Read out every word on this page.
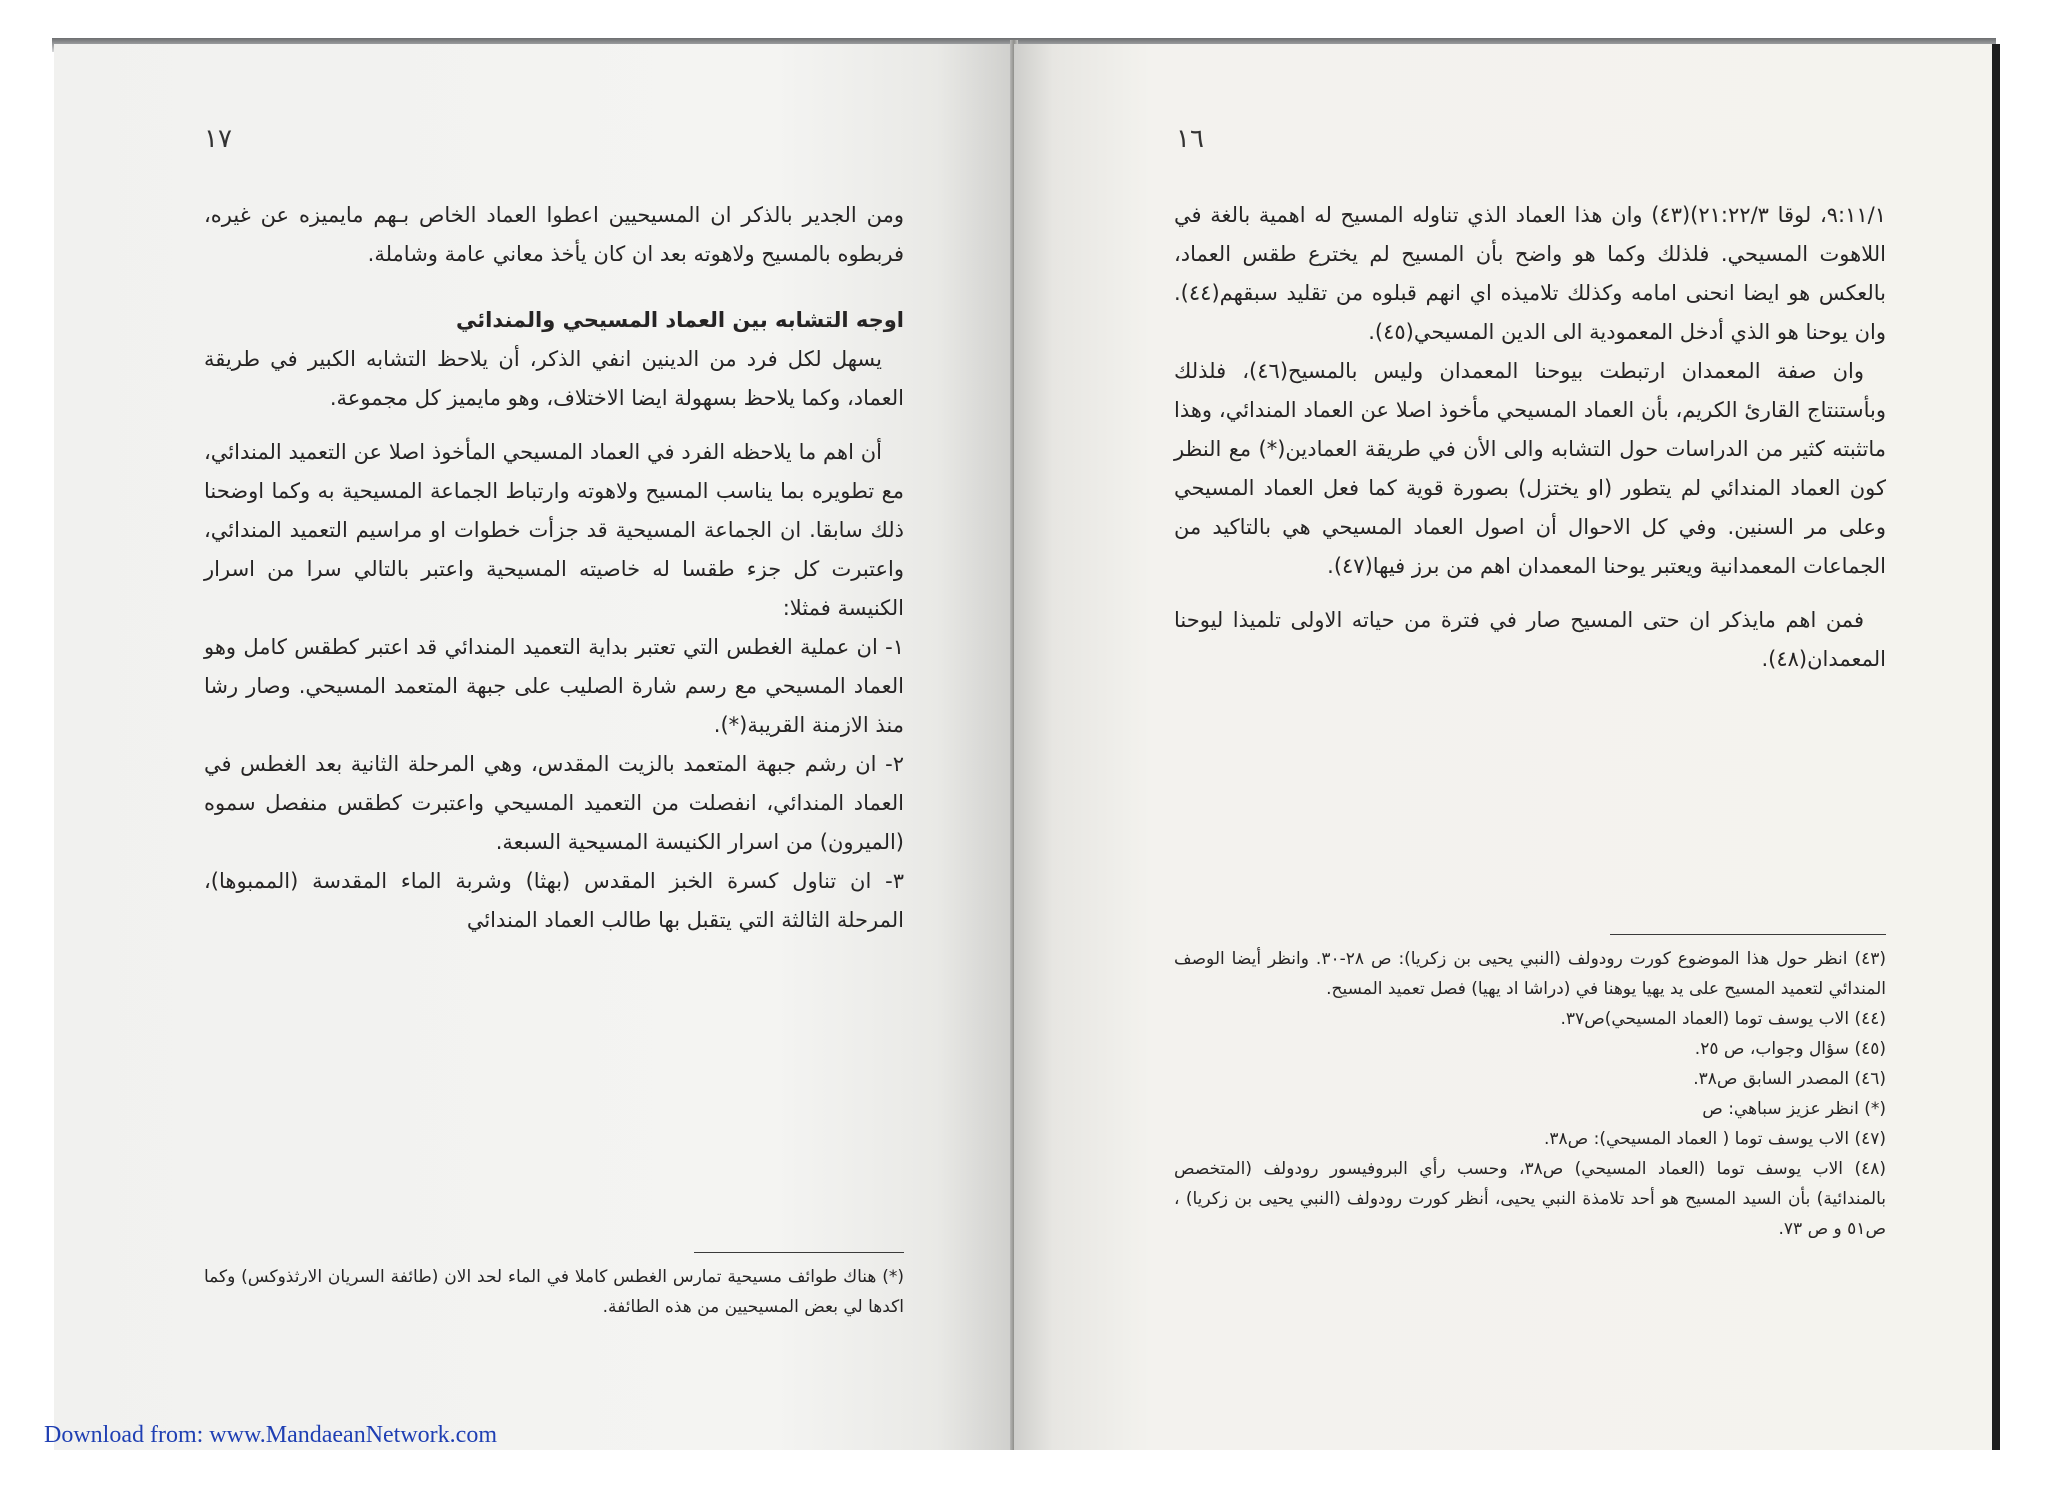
١٧

ومن الجدير بالذكر ان المسيحيين اعطوا العماد الخاص بـهم مايميزه عن غيره، فربطوه بالمسيح ولاهوته بعد ان كان يأخذ معاني عامة وشاملة.

اوجه التشابه بين العماد المسيحي والمندائي

يسهل لكل فرد من الدينين انفي الذكر، أن يلاحظ التشابه الكبير في طريقة العماد، وكما يلاحظ بسهولة ايضا الاختلاف، وهو مايميز كل مجموعة.

أن اهم ما يلاحظه الفرد في العماد المسيحي المأخوذ اصلا عن التعميد المندائي، مع تطويره بما يناسب المسيح ولاهوته وارتباط الجماعة المسيحية به وكما اوضحنا ذلك سابقا. ان الجماعة المسيحية قد جزأت خطوات او مراسيم التعميد المندائي، واعتبرت كل جزء طقسا له خاصيته المسيحية واعتبر بالتالي سرا من اسرار الكنيسة فمثلا:

١- ان عملية الغطس التي تعتبر بداية التعميد المندائي قد اعتبر كطقس كامل وهو العماد المسيحي مع رسم شارة الصليب على جبهة المتعمد المسيحي. وصار رشا منذ الازمنة القريبة(*).

٢- ان رشم جبهة المتعمد بالزيت المقدس، وهي المرحلة الثانية بعد الغطس في العماد المندائي، انفصلت من التعميد المسيحي واعتبرت كطقس منفصل سموه (الميرون) من اسرار الكنيسة المسيحية السبعة.

٣- ان تناول كسرة الخبز المقدس (بهثا) وشربة الماء المقدسة (الممبوها)، المرحلة الثالثة التي يتقبل بها طالب العماد المندائي

(*) هناك طوائف مسيحية تمارس الغطس كاملا في الماء لحد الان (طائفة السريان الارثذوكس) وكما اكدها لي بعض المسيحيين من هذه الطائفة.

١٦

٩:١١/١، لوقا ٢١:٢٢/٣)(٤٣) وان هذا العماد الذي تناوله المسيح له اهمية بالغة في اللاهوت المسيحي. فلذلك وكما هو واضح بأن المسيح لم يخترع طقس العماد، بالعكس هو ايضا انحنى امامه وكذلك تلاميذه اي انهم قبلوه من تقليد سبقهم(٤٤). وان يوحنا هو الذي أدخل المعمودية الى الدين المسيحي(٤٥).

وان صفة المعمدان ارتبطت بيوحنا المعمدان وليس بالمسيح(٤٦)، فلذلك وبأستنتاج القارئ الكريم، بأن العماد المسيحي مأخوذ اصلا عن العماد المندائي، وهذا ماتثبته كثير من الدراسات حول التشابه والى الأن في طريقة العمادين(*) مع النظر كون العماد المندائي لم يتطور (او يختزل) بصورة قوية كما فعل العماد المسيحي وعلى مر السنين. وفي كل الاحوال أن اصول العماد المسيحي هي بالتاكيد من الجماعات المعمدانية ويعتبر يوحنا المعمدان اهم من برز فيها(٤٧).

فمن اهم مايذكر ان حتى المسيح صار في فترة من حياته الاولى تلميذا ليوحنا المعمدان(٤٨).

(٤٣) انظر حول هذا الموضوع كورت رودولف (النبي يحيى بن زكريا): ص ٢٨-٣٠. وانظر أيضا الوصف المندائي لتعميد المسيح على يد يهيا يوهنا في (دراشا اد يهيا) فصل تعميد المسيح.

(٤٤) الاب يوسف توما (العماد المسيحي)ص٣٧.

(٤٥) سؤال وجواب، ص ٢٥.

(٤٦) المصدر السابق ص٣٨.

(*) انظر عزيز سباهي: ص

(٤٧) الاب يوسف توما ( العماد المسيحي): ص٣٨.

(٤٨) الاب يوسف توما (العماد المسيحي) ص٣٨، وحسب رأي البروفيسور رودولف (المتخصص بالمندائية) بأن السيد المسيح هو أحد تلامذة النبي يحيى، أنظر كورت رودولف (النبي يحيى بن زكريا) ، ص٥١ و ص ٧٣.

Download from: www.MandaeanNetwork.com
